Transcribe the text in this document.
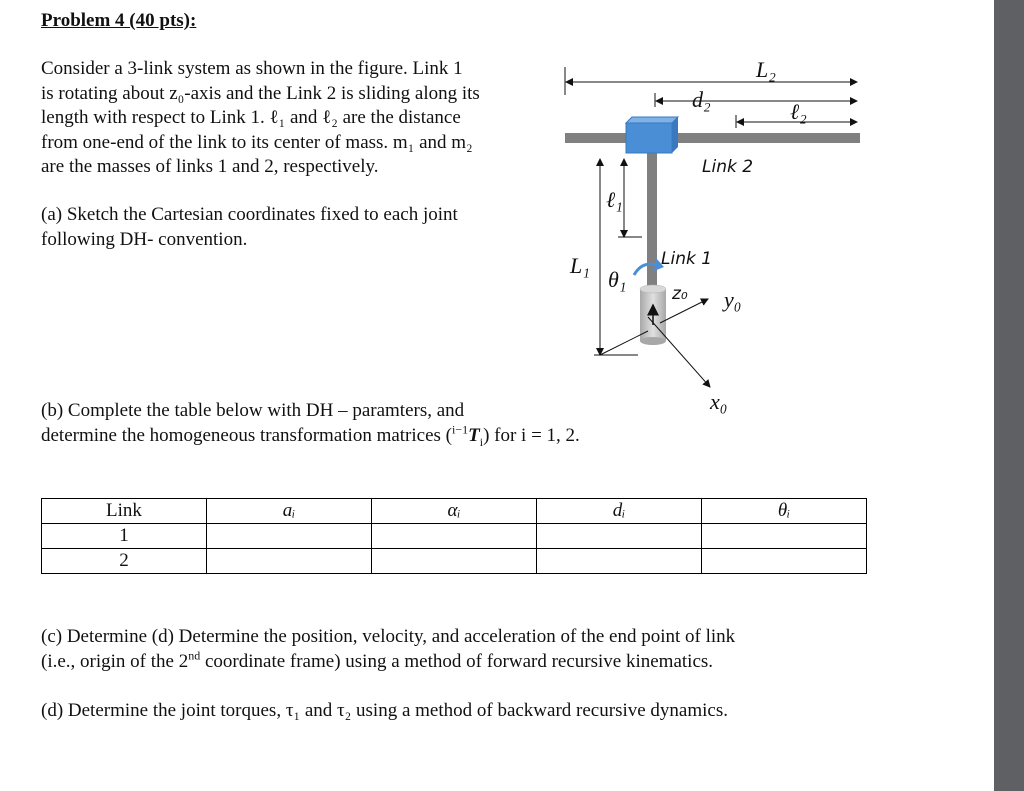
Problem 4 (40 pts):
Consider a 3-link system as shown in the figure. Link 1
is rotating about z₀-axis and the Link 2 is sliding along its
length with respect to Link 1. ℓ₁ and ℓ₂ are the distance
from one-end of the link to its center of mass. m₁ and m₂
are the masses of links 1 and 2, respectively.
(a) Sketch the Cartesian coordinates fixed to each joint
following DH- convention.
(b) Complete the table below with DH – paramters, and
determine the homogeneous transformation matrices $(^{i-1}T_i)$ for i = 1, 2.
Link	aᵢ	αᵢ	dᵢ	θᵢ
1				
2				
(c) Determine (d) Determine the position, velocity, and acceleration of the end point of link
(i.e., origin of the 2nd coordinate frame) using a method of forward recursive kinematics.
(d) Determine the joint torques, τ₁ and τ₂ using a method of backward recursive dynamics.
L₂
d₂	ℓ₂
Link 2
L₁
ℓ₁
Link 1
θ₁
z₀ y₀
x₀
